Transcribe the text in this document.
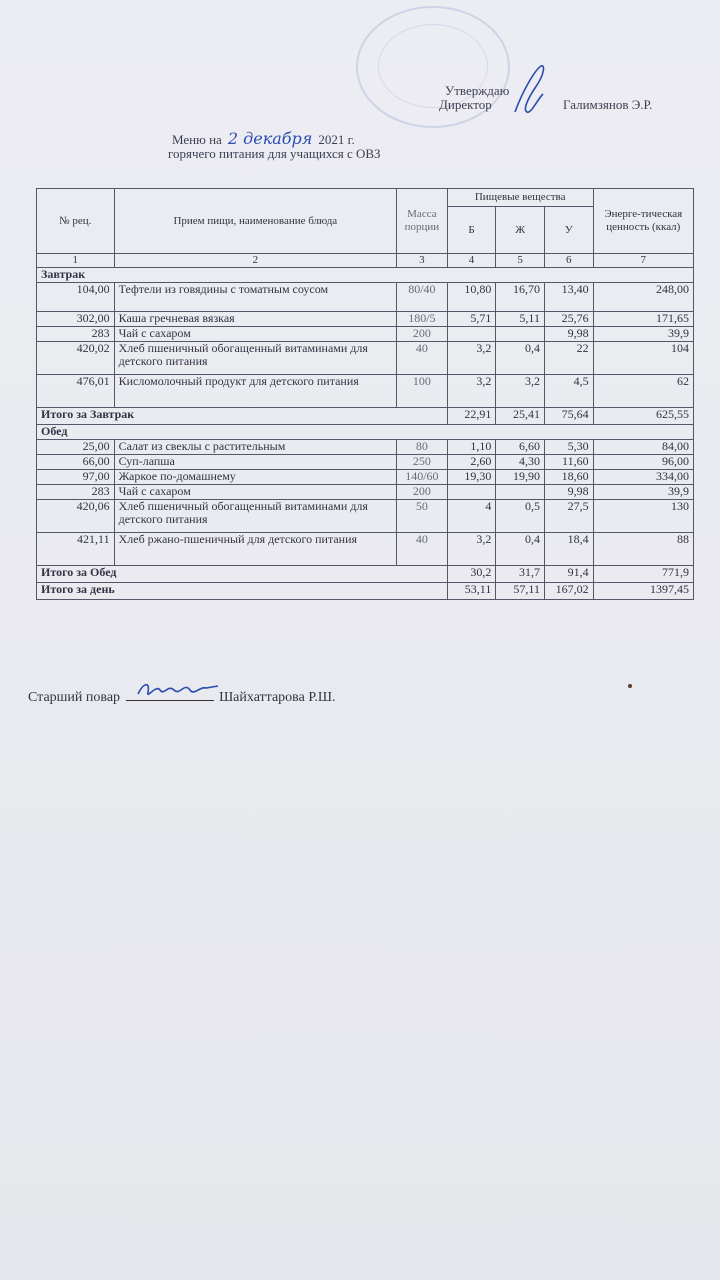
Утверждаю
Директор	Галимзянов Э.Р.
Меню на 2 декабря 2021 г.
горячего питания для учащихся с ОВЗ
№ рец.	Прием пищи, наименование блюда	Масса порции	Пищевые вещества			Энерге-тическая ценность (ккал)
			Б	Ж	У	
1	2	3	4	5	6	7
Завтрак						
104,00	Тефтели из говядины с томатным соусом	80/40	10,80	16,70	13,40	248,00
302,00	Каша гречневая вязкая	180/5	5,71	5,11	25,76	171,65
283	Чай с сахаром	200			9,98	39,9
420,02	Хлеб пшеничный обогащенный витаминами для детского питания	40	3,2	0,4	22	104
476,01	Кисломолочный продукт для детского питания	100	3,2	3,2	4,5	62
Итого за Завтрак			22,91	25,41	75,64	625,55
Обед						
25,00	Салат из свеклы с растительным	80	1,10	6,60	5,30	84,00
66,00	Суп-лапша	250	2,60	4,30	11,60	96,00
97,00	Жаркое по-домашнему	140/60	19,30	19,90	18,60	334,00
283	Чай с сахаром	200			9,98	39,9
420,06	Хлеб пшеничный обогащенный витаминами для детского питания	50	4	0,5	27,5	130
421,11	Хлеб ржано-пшеничный для детского питания	40	3,2	0,4	18,4	88
Итого за Обед			30,2	31,7	91,4	771,9
Итого за день			53,11	57,11	167,02	1397,45
Старший повар	Шайхаттарова Р.Ш.
